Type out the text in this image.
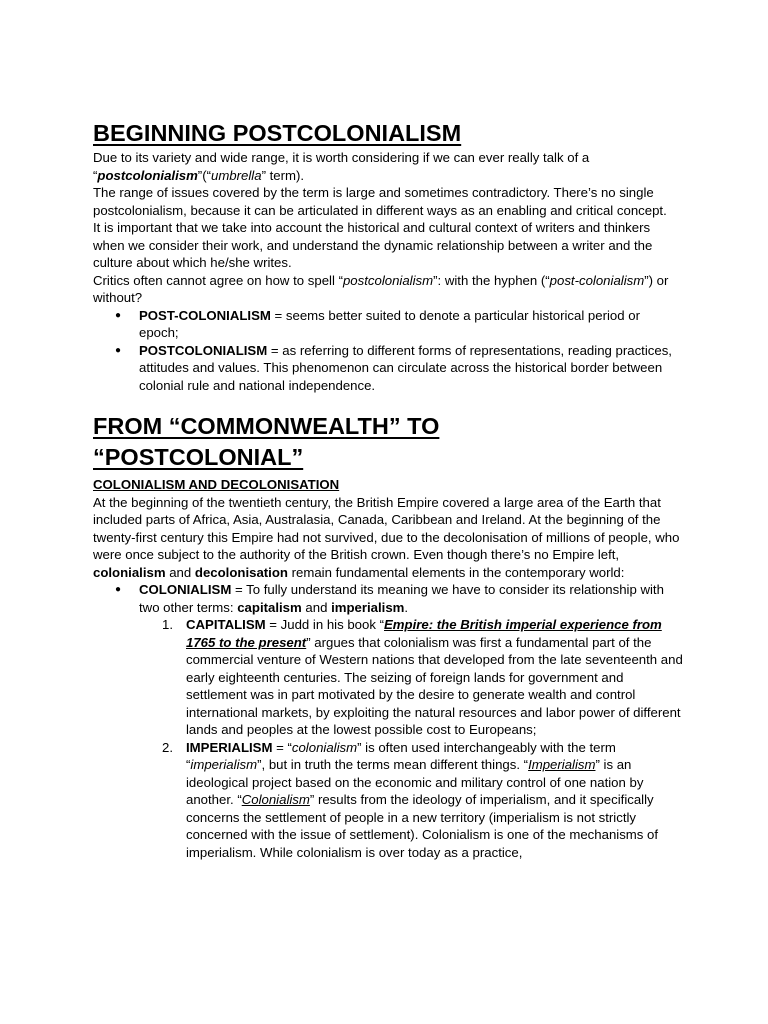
BEGINNING POSTCOLONIALISM

Due to its variety and wide range, it is worth considering if we can ever really talk of a “postcolonialism”(“umbrella” term).

The range of issues covered by the term is large and sometimes contradictory. There’s no single postcolonialism, because it can be articulated in different ways as an enabling and critical concept.

It is important that we take into account the historical and cultural context of writers and thinkers when we consider their work, and understand the dynamic relationship between a writer and the culture about which he/she writes.

Critics often cannot agree on how to spell “postcolonialism”: with the hyphen (“post-colonialism”) or without?

● POST-COLONIALISM = seems better suited to denote a particular historical period or epoch;
● POSTCOLONIALISM = as referring to different forms of representations, reading practices, attitudes and values. This phenomenon can circulate across the historical border between colonial rule and national independence.
FROM “COMMONWEALTH” TO
“POSTCOLONIAL”
COLONIALISM AND DECOLONISATION

At the beginning of the twentieth century, the British Empire covered a large area of the Earth that included parts of Africa, Asia, Australasia, Canada, Caribbean and Ireland. At the beginning of the twenty-first century this Empire had not survived, due to the decolonisation of millions of people, who were once subject to the authority of the British crown. Even though there’s no Empire left, colonialism and decolonisation remain fundamental elements in the contemporary world:

● COLONIALISM = To fully understand its meaning we have to consider its relationship with two other terms: capitalism and imperialism.
1. CAPITALISM = Judd in his book “Empire: the British imperial experience from 1765 to the present” argues that colonialism was first a fundamental part of the commercial venture of Western nations that developed from the late seventeenth and early eighteenth centuries. The seizing of foreign lands for government and settlement was in part motivated by the desire to generate wealth and control international markets, by exploiting the natural resources and labor power of different lands and peoples at the lowest possible cost to Europeans;
2. IMPERIALISM = “colonialism” is often used interchangeably with the term “imperialism”, but in truth the terms mean different things. “Imperialism” is an ideological project based on the economic and military control of one nation by another. “Colonialism” results from the ideology of imperialism, and it specifically concerns the settlement of people in a new territory (imperialism is not strictly concerned with the issue of settlement). Colonialism is one of the mechanisms of imperialism. While colonialism is over today as a practice,
